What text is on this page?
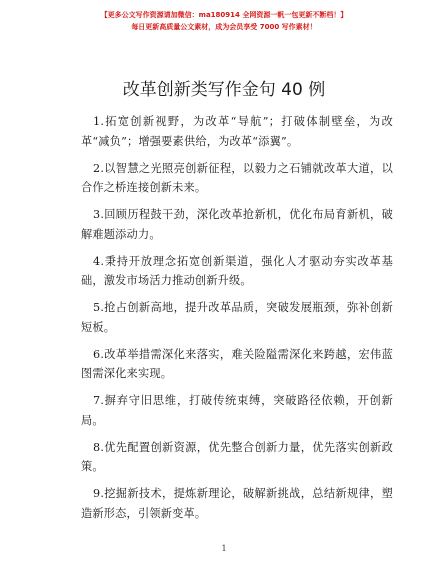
【更多公文写作资源请加微信：ma180914 全网资源一帆一包更新不断档！】
每日更新高质量公文素材，成为会员享受 7000 写作素材！
改革创新类写作金句 40 例

1.拓宽创新视野，为改革“导航”；打破体制壁垒，为改革“减负”；增强要素供给，为改革“添翼”。

2.以智慧之光照亮创新征程，以毅力之石铺就改革大道，以合作之桥连接创新未来。

3.回顾历程鼓干劲，深化改革抢新机，优化布局育新机，破解难题添动力。

4.秉持开放理念拓宽创新渠道，强化人才驱动夯实改革基础，激发市场活力推动创新升级。

5.抢占创新高地，提升改革品质，突破发展瓶颈，弥补创新短板。

6.改革举措需深化来落实，难关险隘需深化来跨越，宏伟蓝图需深化来实现。

7.摒弃守旧思维，打破传统束缚，突破路径依赖，开创新局。

8.优先配置创新资源，优先整合创新力量，优先落实创新政策。

9.挖掘新技术，提炼新理论，破解新挑战，总结新规律，塑造新形态，引领新变革。

1
